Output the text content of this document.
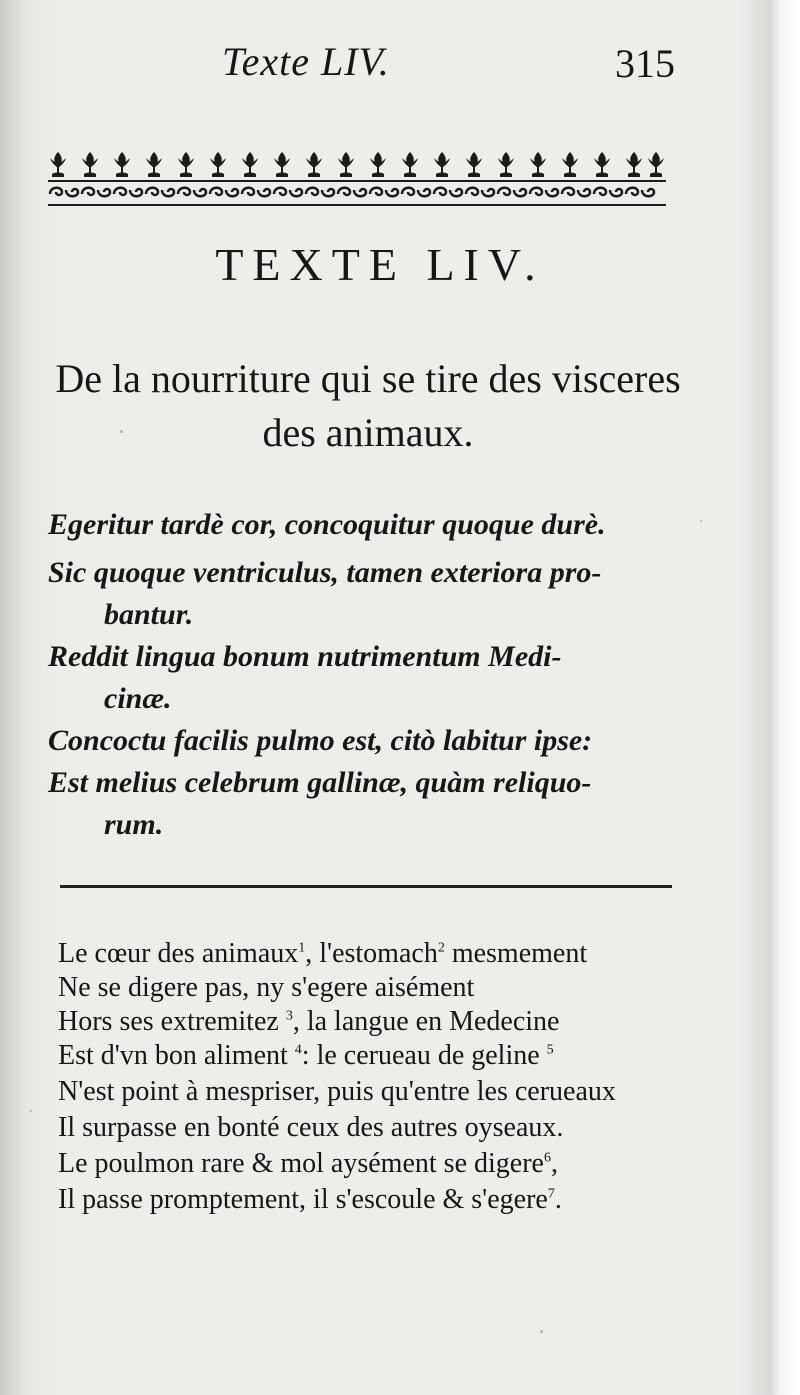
Texte LIV.	315
TEXTE LIV.
De la nourriture qui se tire des visceres
des animaux.
Egeritur tardè cor, concoquitur quoque durè.
Sic quoque ventriculus, tamen exteriora pro-
bantur.
Reddit lingua bonum nutrimentum Medi-
cinæ.
Concoctu facilis pulmo est, citò labitur ipse:
Est melius celebrum gallinæ, quàm reliquo-
rum.
Le cœur des animaux$^1$, l'estomach$^2$ mesmement
Ne se digere pas, ny s'egere aisément
Hors ses extremitez $^3$, la langue en Medecine
Est d'vn bon aliment $^4$: le cerueau de geline $^5$
N'est point à mespriser, puis qu'entre les cerueaux
Il surpasse en bonté ceux des autres oyseaux.
Le poulmon rare & mol aysément se digere$^6$,
Il passe promptement, il s'escoule & s'egere$^7$.
